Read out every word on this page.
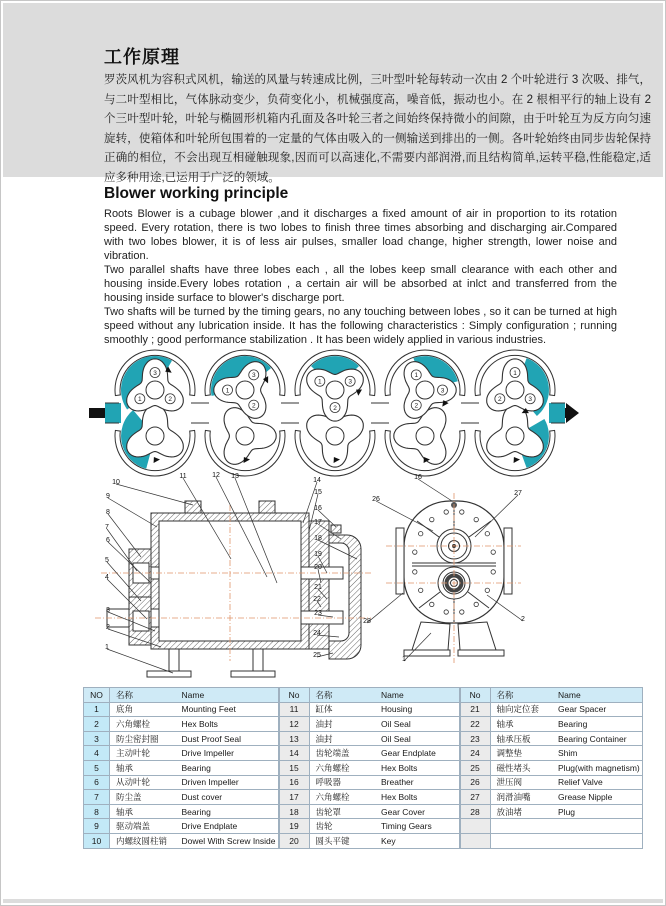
工作原理
罗茨风机为容积式风机，输送的风量与转速成比例，三叶型叶轮每转动一次由 2 个叶轮进行 3 次吸、排气，与二叶型相比，气体脉动变少，负荷变化小，机械强度高，噪音低，振动也小。在 2 根相平行的轴上设有 2 个三叶型叶轮，叶轮与椭圆形机箱内孔面及各叶轮三者之间始终保持微小的间隙，由于叶轮互为反方向匀速旋转，使箱体和叶轮所包围着的一定量的气体由吸入的一侧输送到排出的一侧。各叶轮始终由同步齿轮保持正确的相位，不会出现互相碰触现象,因而可以高速化,不需要内部润滑,而且结构简单,运转平稳,性能稳定,适应多种用途,已运用于广泛的领域。
Blower working principle

Roots Blower is a cubage blower ,and it discharges a fixed amount of air in proportion to its rotation speed. Every rotation, there is two lobes to finish three times absorbing and discharging air.Compared with two lobes blower, it is of less air pulses, smaller load change, higher strength, lower noise and vibration.

Two parallel shafts have three lobes each , all the lobes keep small clearance with each other and housing inside.Every lobes rotation , a certain air will be absorbed at inlct and transferred from the housing inside surface to blower's discharge port.

Two shafts will be turned by the timing gears, no any touching between lobes , so it can be turned at high speed without any lubrication inside. It has the following characteristics : Simply configuration ; running smoothly ; good performance stabilization . It has been widely applied in various industries.

3
1	2
3
1
2
3
1
2
3
1
2
3
1
2
1
2
3
4
5
6
7
8
9
10
11	12 13
14
15
16
17
18
19
20
21
22
23
24
25
16
26
27
28	2
1
NO	名称	Name
1	底角	Mounting Feet
2	六角螺栓	Hex Bolts
3	防尘密封圈	Dust Proof Seal
4	主动叶轮	Drive Impeller
5	轴承	Bearing
6	从动叶轮	Driven Impeller
7	防尘盖	Dust cover
8	轴承	Bearing
9	驱动端盖	Drive Endplate
10	内螺纹圆柱销	Dowel With Screw Inside
No	名称	Name
11	缸体	Housing
12	油封	Oil Seal
13	油封	Oil Seal
14	齿轮端盖	Gear Endplate
15	六角螺栓	Hex Bolts
16	呼吸器	Breather
17	六角螺栓	Hex Bolts
18	齿轮罩	Gear Cover
19	齿轮	Timing Gears
20	圆头平键	Key
No	名称	Name
21	轴向定位套	Gear Spacer
22	轴承	Bearing
23	轴承压板	Bearing Container
24	调整垫	Shim
25	磁性堵头	Plug(with magnetism)
26	泄压阀	Relief Valve
27	润滑油嘴	Grease Nipple
28	放油堵	Plug
